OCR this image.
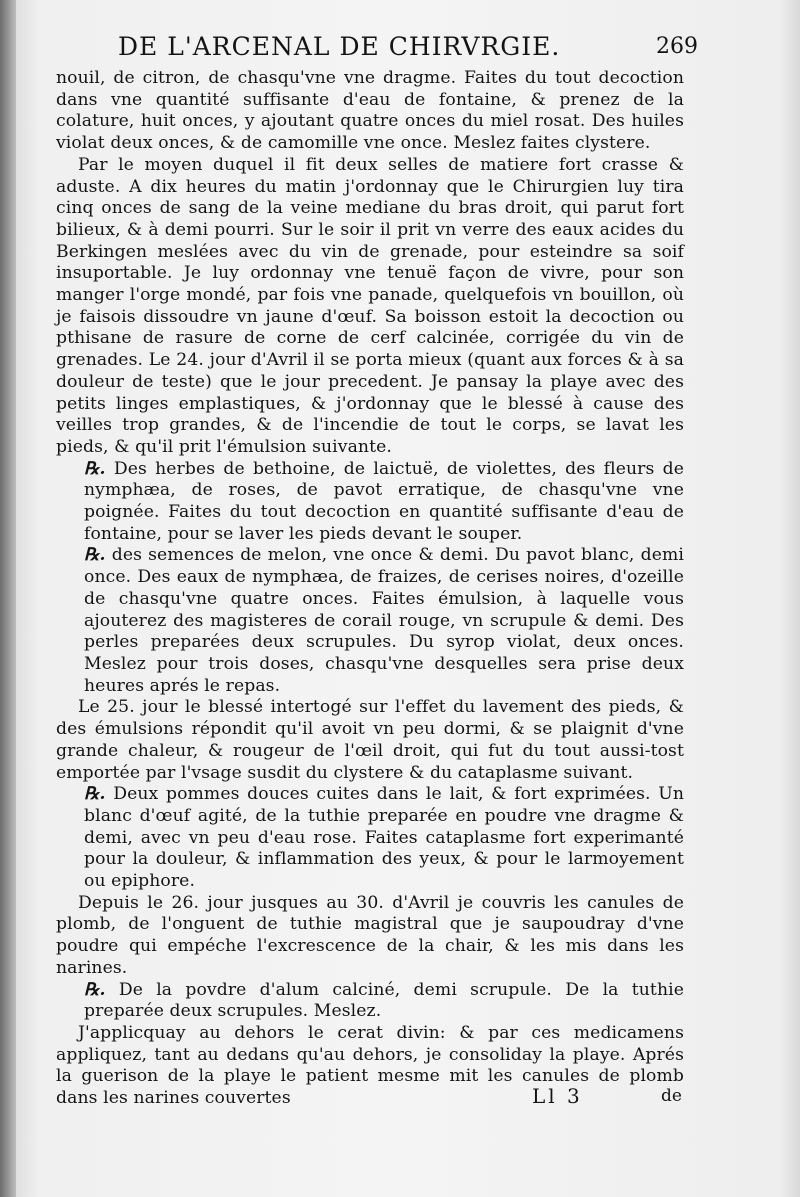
DE L'ARCENAL DE CHIRVRGIE.	269

nouil, de citron, de chasqu'vne vne dragme. Faites du tout decoction dans vne quantité suffisante d'eau de fontaine, & prenez de la colature, huit onces, y ajoutant quatre onces du miel rosat. Des huiles violat deux onces, & de camomille vne once. Meslez faites clystere.

Par le moyen duquel il fit deux selles de matiere fort crasse & aduste. A dix heures du matin j'ordonnay que le Chirurgien luy tira cinq onces de sang de la veine mediane du bras droit, qui parut fort bilieux, & à demi pourri. Sur le soir il prit vn verre des eaux acides du Berkingen meslées avec du vin de grenade, pour esteindre sa soif insuportable. Je luy ordonnay vne tenuë façon de vivre, pour son manger l'orge mondé, par fois vne panade, quelquefois vn bouillon, où je faisois dissoudre vn jaune d'œuf. Sa boisson estoit la decoction ou pthisane de rasure de corne de cerf calcinée, corrigée du vin de grenades. Le 24. jour d'Avril il se porta mieux (quant aux forces & à sa douleur de teste) que le jour precedent. Je pansay la playe avec des petits linges emplastiques, & j'ordonnay que le blessé à cause des veilles trop grandes, & de l'incendie de tout le corps, se lavat les pieds, & qu'il prit l'émulsion suivante.

℞. Des herbes de bethoine, de laictuë, de violettes, des fleurs de nymphæa, de roses, de pavot erratique, de chasqu'vne vne poignée. Faites du tout decoction en quantité suffisante d'eau de fontaine, pour se laver les pieds devant le souper.

℞. des semences de melon, vne once & demi. Du pavot blanc, demi once. Des eaux de nymphæa, de fraizes, de cerises noires, d'ozeille de chasqu'vne quatre onces. Faites émulsion, à laquelle vous ajouterez des magisteres de corail rouge, vn scrupule & demi. Des perles preparées deux scrupules. Du syrop violat, deux onces. Meslez pour trois doses, chasqu'vne desquelles sera prise deux heures aprés le repas.

Le 25. jour le blessé intertogé sur l'effet du lavement des pieds, & des émulsions répondit qu'il avoit vn peu dormi, & se plaignit d'vne grande chaleur, & rougeur de l'œil droit, qui fut du tout aussi-tost emportée par l'vsage susdit du clystere & du cataplasme suivant.

℞. Deux pommes douces cuites dans le lait, & fort exprimées. Un blanc d'œuf agité, de la tuthie preparée en poudre vne dragme & demi, avec vn peu d'eau rose. Faites cataplasme fort experimanté pour la douleur, & inflammation des yeux, & pour le larmoyement ou epiphore.

Depuis le 26. jour jusques au 30. d'Avril je couvris les canules de plomb, de l'onguent de tuthie magistral que je saupoudray d'vne poudre qui empéche l'excrescence de la chair, & les mis dans les narines.

℞. De la povdre d'alum calciné, demi scrupule. De la tuthie preparée deux scrupules. Meslez.

J'applicquay au dehors le cerat divin: & par ces medicamens appliquez, tant au dedans qu'au dehors, je consoliday la playe. Aprés la guerison de la playe le patient mesme mit les canules de plomb dans les narines couvertes	Ll 3	de
